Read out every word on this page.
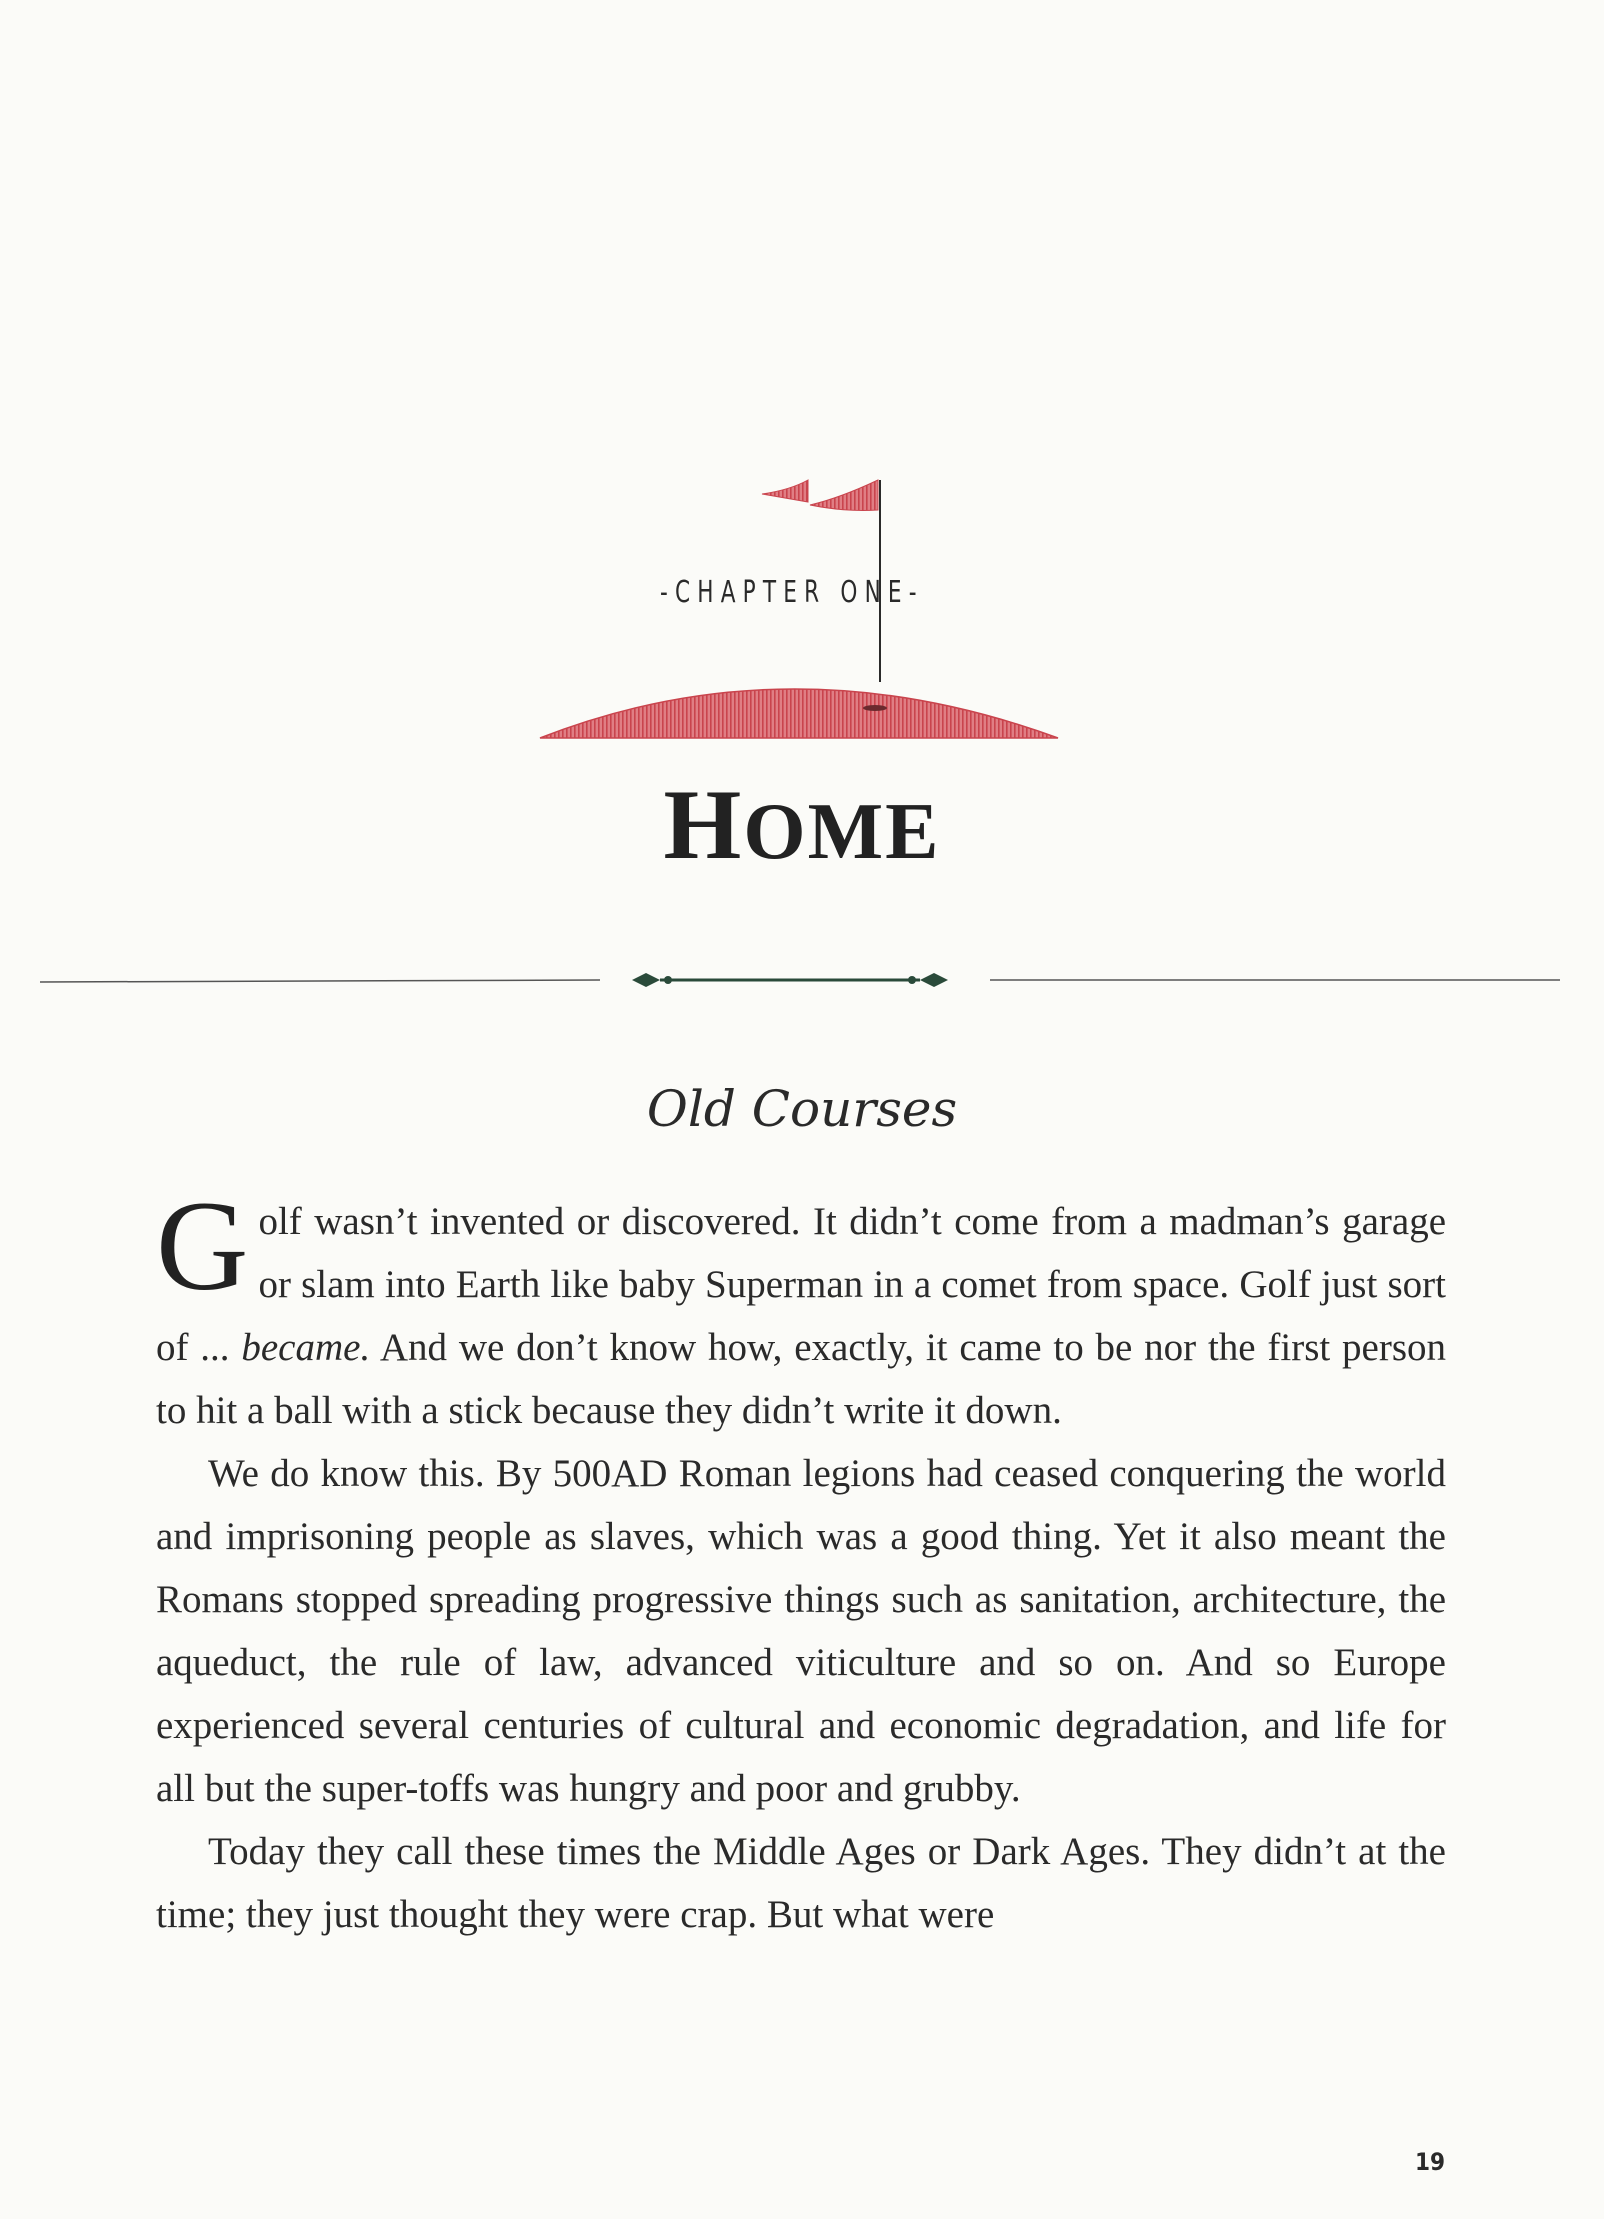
-CHAPTER ONE-
HOME
Old Courses

Golf wasn’t invented or discovered. It didn’t come from a madman’s garage or slam into Earth like baby Superman in a comet from space. Golf just sort of ... became. And we don’t know how, exactly, it came to be nor the first person to hit a ball with a stick because they didn’t write it down.

We do know this. By 500AD Roman legions had ceased conquering the world and imprisoning people as slaves, which was a good thing. Yet it also meant the Romans stopped spreading progressive things such as sanitation, architecture, the aqueduct, the rule of law, advanced viticulture and so on. And so Europe experienced several centuries of cultural and economic degradation, and life for all but the super-toffs was hungry and poor and grubby.

Today they call these times the Middle Ages or Dark Ages. They didn’t at the time; they just thought they were crap. But what were

19
